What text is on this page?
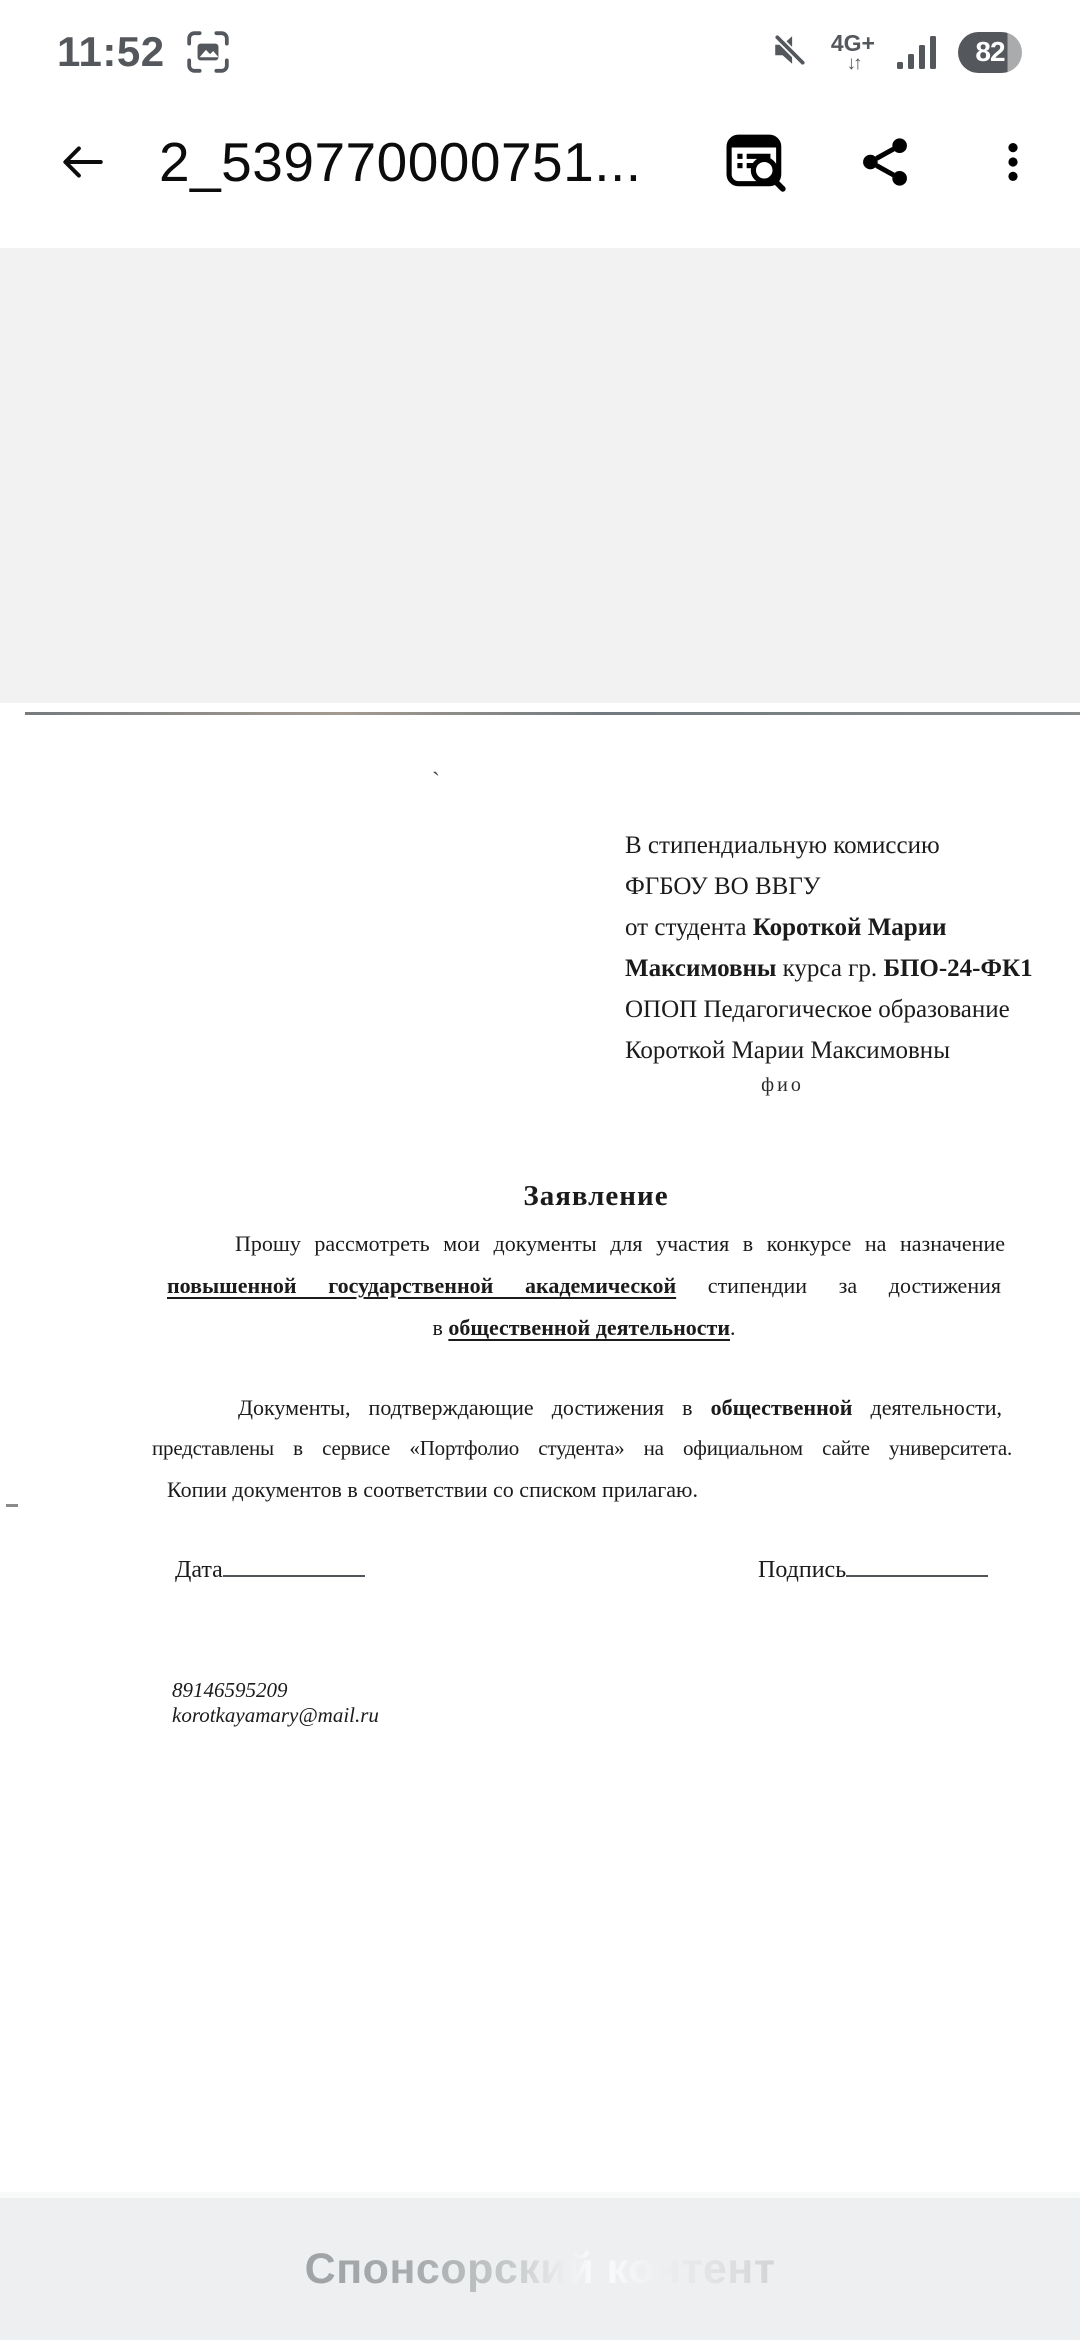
11:52	4G+
↓↑	82
2_539770000751...
`
В стипендиальную комиссию
ФГБОУ ВО ВВГУ
от студента Короткой Марии
Максимовны курса гр. БПО-24-ФК1
ОПОП Педагогическое образование
Короткой Марии Максимовны
фио
Заявление
Прошу рассмотреть мои документы для участия в конкурсе на назначение
повышенной государственной академической стипендии за достижения
в общественной деятельности.
Документы, подтверждающие достижения в общественной деятельности,
представлены в сервисе «Портфолио студента» на официальном сайте университета.
Копии документов в соответствии со списком прилагаю.
Дата	Подпись
89146595209
korotkayamary@mail.ru
Спонсорский контент
